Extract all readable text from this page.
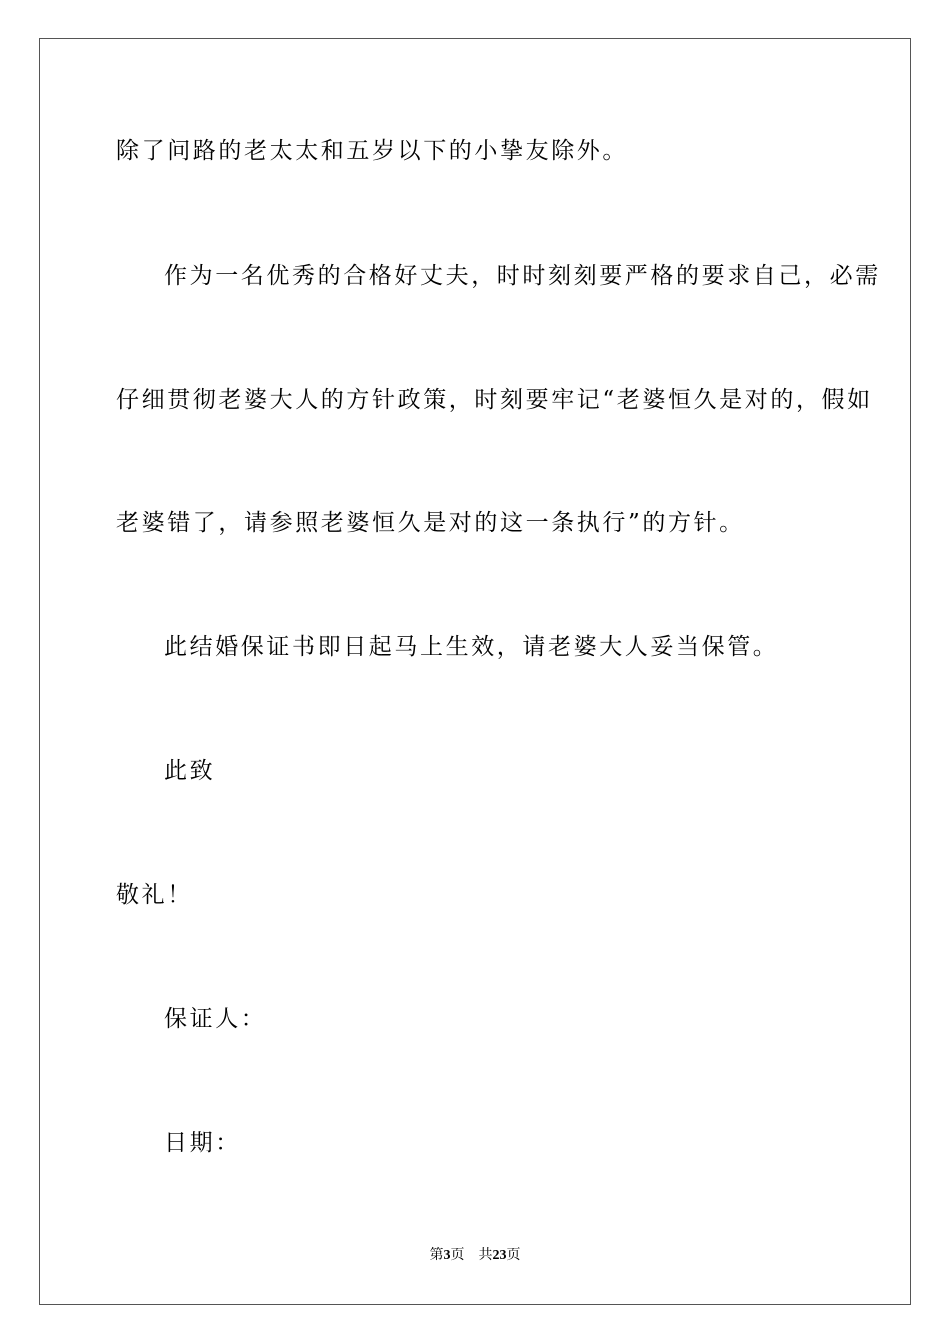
除了问路的老太太和五岁以下的小挚友除外。
作为一名优秀的合格好丈夫，时时刻刻要严格的要求自己，必需
仔细贯彻老婆大人的方针政策，时刻要牢记“老婆恒久是对的，假如
老婆错了，请参照老婆恒久是对的这一条执行”的方针。
此结婚保证书即日起马上生效，请老婆大人妥当保管。
此致
敬礼！
保证人：
日期：
第3页 共23页
